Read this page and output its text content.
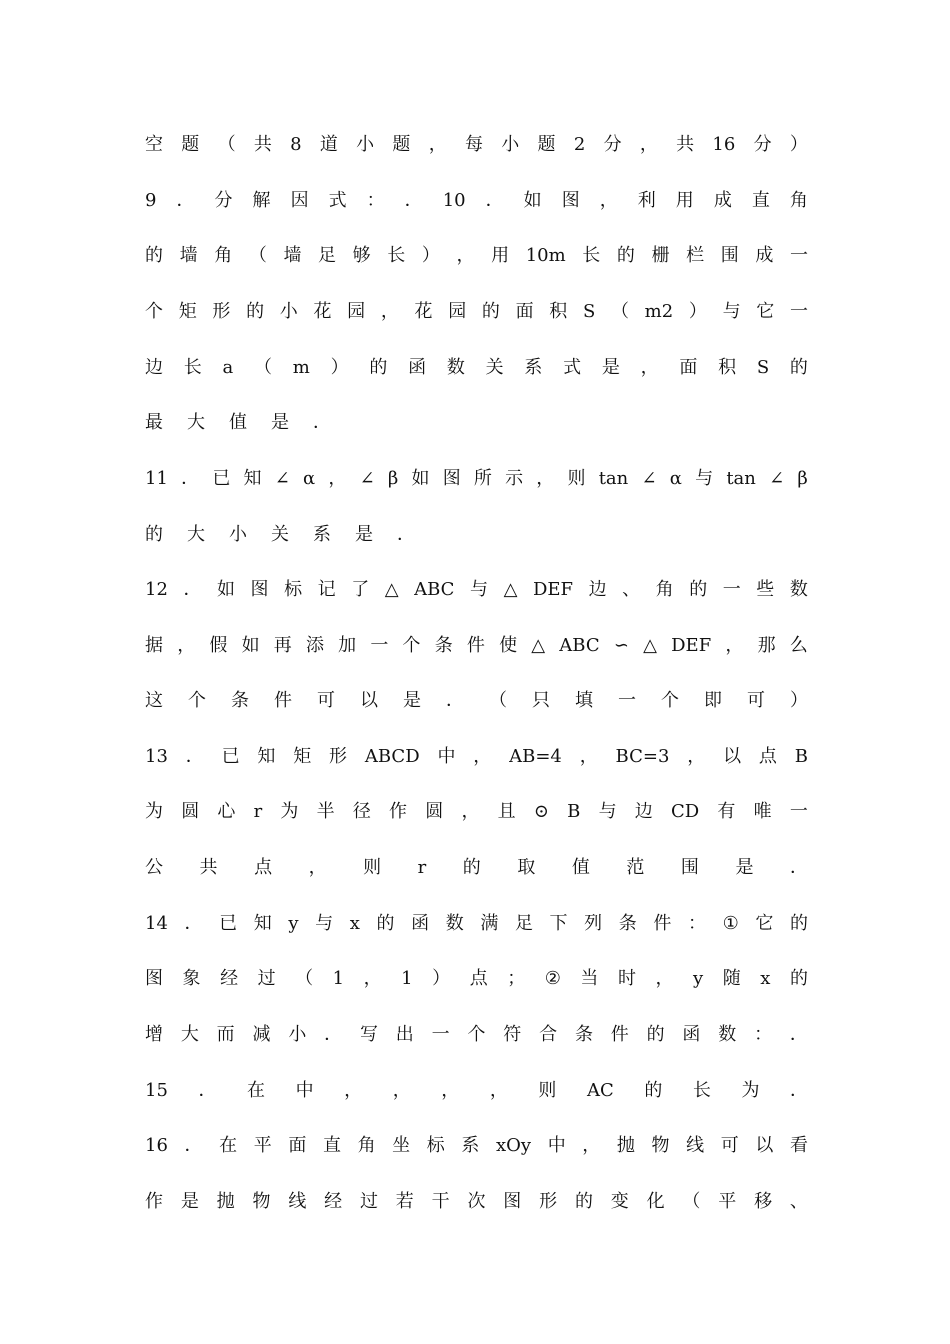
空 题 （ 共 8 道 小 题 ， 每 小 题 2 分 ， 共 16 分 ）
9 ． 分 解 因 式 ： ． 10 ． 如 图 ， 利 用 成 直 角
的 墙 角 （ 墙 足 够 长 ） ， 用 10m 长 的 栅 栏 围 成 一
个 矩 形 的 小 花 园 ， 花 园 的 面 积 S （ m2 ） 与 它 一
边 长 a （ m ） 的 函 数 关 系 式 是 ， 面 积 S 的
最 大 值 是 ．
11 ． 已 知 ∠ α ， ∠ β 如 图 所 示 ， 则 tan ∠ α 与 tan ∠ β
的 大 小 关 系 是 ．
12 ． 如 图 标 记 了 △ ABC 与 △ DEF 边 、 角 的 一 些 数
据 ， 假 如 再 添 加 一 个 条 件 使 △ ABC ∽ △ DEF ， 那 么
这 个 条 件 可 以 是 ． （ 只 填 一 个 即 可 ）
13 ． 已 知 矩 形 ABCD 中 ， AB=4 ， BC=3 ， 以 点 B
为 圆 心 r 为 半 径 作 圆 ， 且 ⊙ B 与 边 CD 有 唯 一
公 共 点 ， 则 r 的 取 值 范 围 是 ．
14 ． 已 知 y 与 x 的 函 数 满 足 下 列 条 件 ： ① 它 的
图 象 经 过 （ 1 ， 1 ） 点 ； ② 当 时 ， y 随 x 的
增 大 而 减 小 ． 写 出 一 个 符 合 条 件 的 函 数 ： ．
15 ． 在 中 ， ， ， ， 则 AC 的 长 为 ．
16 ． 在 平 面 直 角 坐 标 系 xOy 中 ， 抛 物 线 可 以 看
作 是 抛 物 线 经 过 若 干 次 图 形 的 变 化 （ 平 移 、
